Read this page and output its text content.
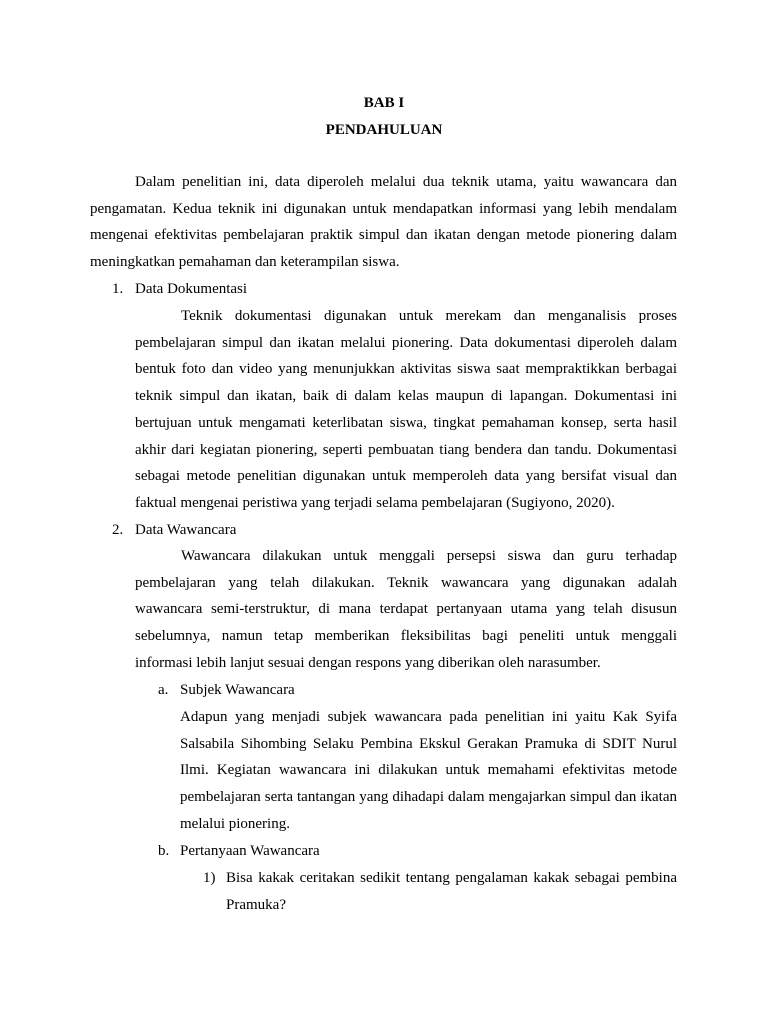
BAB I
PENDAHULUAN

Dalam penelitian ini, data diperoleh melalui dua teknik utama, yaitu wawancara dan pengamatan. Kedua teknik ini digunakan untuk mendapatkan informasi yang lebih mendalam mengenai efektivitas pembelajaran praktik simpul dan ikatan dengan metode pionering dalam meningkatkan pemahaman dan keterampilan siswa.

1. Data Dokumentasi

Teknik dokumentasi digunakan untuk merekam dan menganalisis proses pembelajaran simpul dan ikatan melalui pionering. Data dokumentasi diperoleh dalam bentuk foto dan video yang menunjukkan aktivitas siswa saat mempraktikkan berbagai teknik simpul dan ikatan, baik di dalam kelas maupun di lapangan. Dokumentasi ini bertujuan untuk mengamati keterlibatan siswa, tingkat pemahaman konsep, serta hasil akhir dari kegiatan pionering, seperti pembuatan tiang bendera dan tandu. Dokumentasi sebagai metode penelitian digunakan untuk memperoleh data yang bersifat visual dan faktual mengenai peristiwa yang terjadi selama pembelajaran (Sugiyono, 2020).

2. Data Wawancara

Wawancara dilakukan untuk menggali persepsi siswa dan guru terhadap pembelajaran yang telah dilakukan. Teknik wawancara yang digunakan adalah wawancara semi-terstruktur, di mana terdapat pertanyaan utama yang telah disusun sebelumnya, namun tetap memberikan fleksibilitas bagi peneliti untuk menggali informasi lebih lanjut sesuai dengan respons yang diberikan oleh narasumber.

a. Subjek Wawancara

Adapun yang menjadi subjek wawancara pada penelitian ini yaitu Kak Syifa Salsabila Sihombing Selaku Pembina Ekskul Gerakan Pramuka di SDIT Nurul Ilmi. Kegiatan wawancara ini dilakukan untuk memahami efektivitas metode pembelajaran serta tantangan yang dihadapi dalam mengajarkan simpul dan ikatan melalui pionering.

b. Pertanyaan Wawancara
1) Bisa kakak ceritakan sedikit tentang pengalaman kakak sebagai pembina Pramuka?
